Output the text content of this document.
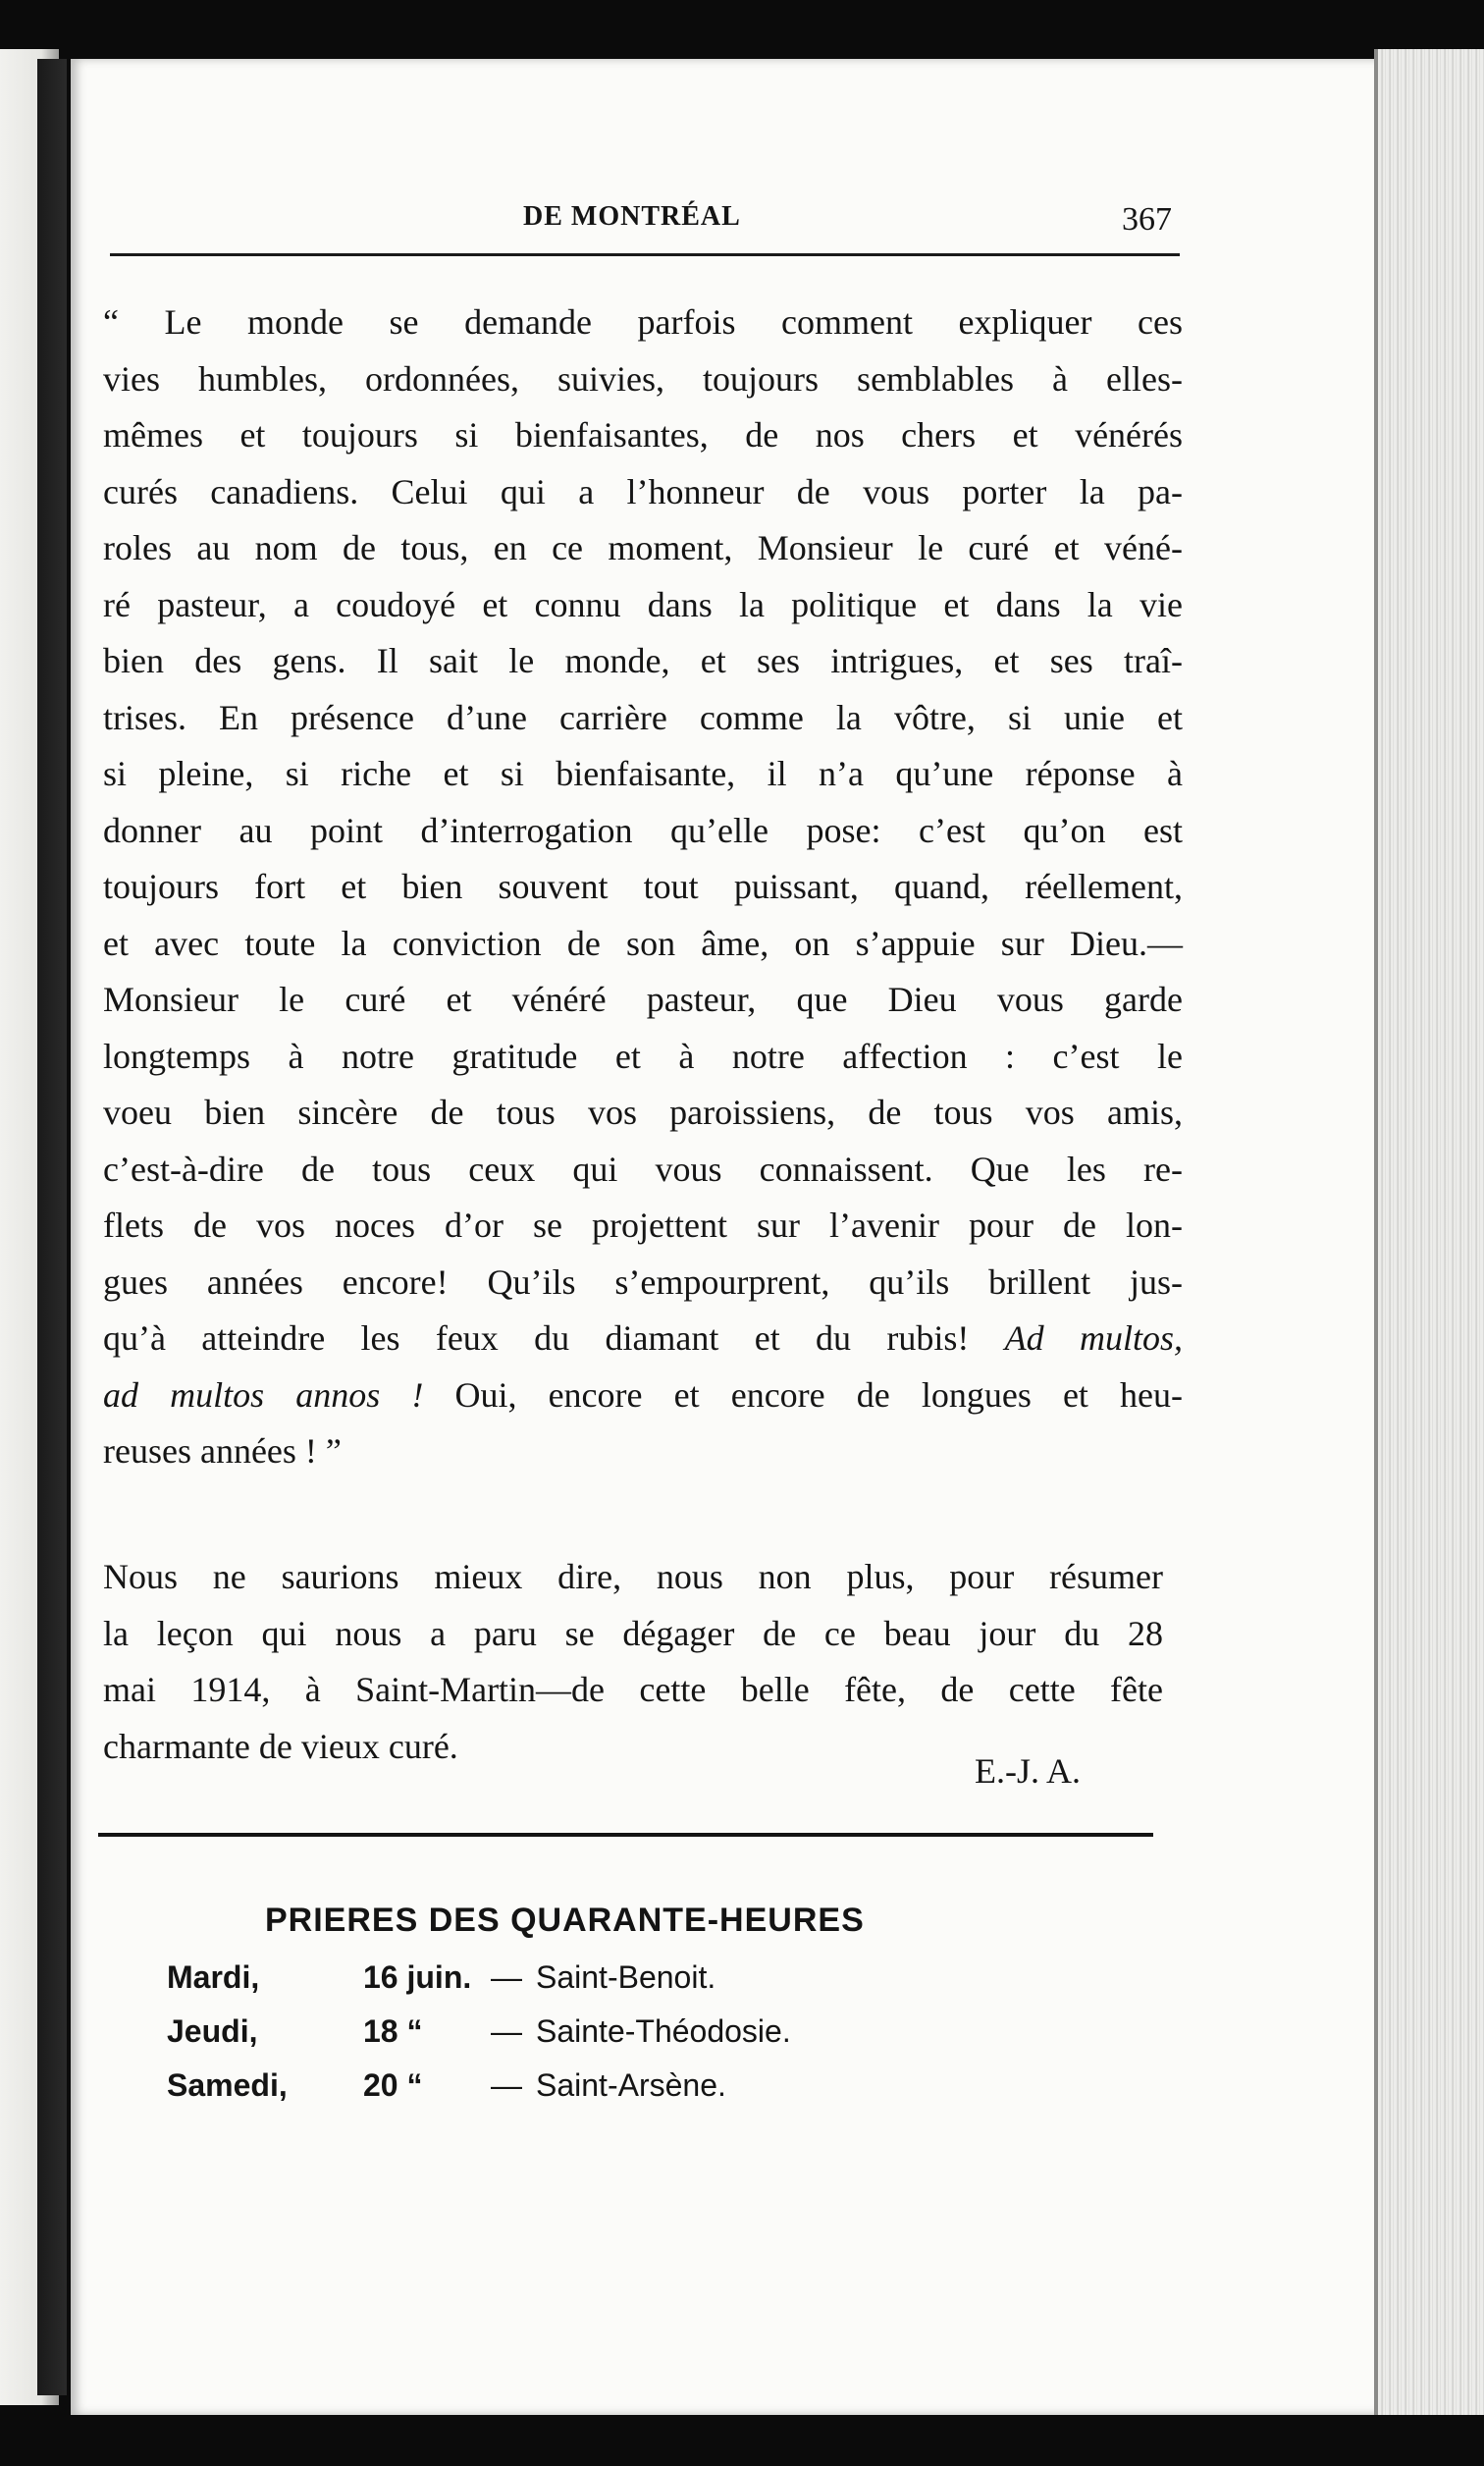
DE MONTRÉAL	367
“ Le monde se demande parfois comment expliquer ces
vies humbles, ordonnées, suivies, toujours semblables à elles-
mêmes et toujours si bienfaisantes, de nos chers et vénérés
curés canadiens. Celui qui a l’honneur de vous porter la pa-
roles au nom de tous, en ce moment, Monsieur le curé et véné-
ré pasteur, a coudoyé et connu dans la politique et dans la vie
bien des gens. Il sait le monde, et ses intrigues, et ses traî-
trises. En présence d’une carrière comme la vôtre, si unie et
si pleine, si riche et si bienfaisante, il n’a qu’une réponse à
donner au point d’interrogation qu’elle pose: c’est qu’on est
toujours fort et bien souvent tout puissant, quand, réellement,
et avec toute la conviction de son âme, on s’appuie sur Dieu.—
Monsieur le curé et vénéré pasteur, que Dieu vous garde
longtemps à notre gratitude et à notre affection : c’est le
voeu bien sincère de tous vos paroissiens, de tous vos amis,
c’est-à-dire de tous ceux qui vous connaissent. Que les re-
flets de vos noces d’or se projettent sur l’avenir pour de lon-
gues années encore! Qu’ils s’empourprent, qu’ils brillent jus-
qu’à atteindre les feux du diamant et du rubis! Ad multos,
ad multos annos ! Oui, encore et encore de longues et heu-
reuses années ! ”
Nous ne saurions mieux dire, nous non plus, pour résumer
la leçon qui nous a paru se dégager de ce beau jour du 28
mai 1914, à Saint-Martin—de cette belle fête, de cette fête
charmante de vieux curé.
E.-J. A.
PRIERES DES QUARANTE-HEURES
Mardi,	16 juin. — Saint-Benoit.
Jeudi,	18 “ — Sainte-Théodosie.
Samedi, 20 “ — Saint-Arsène.
